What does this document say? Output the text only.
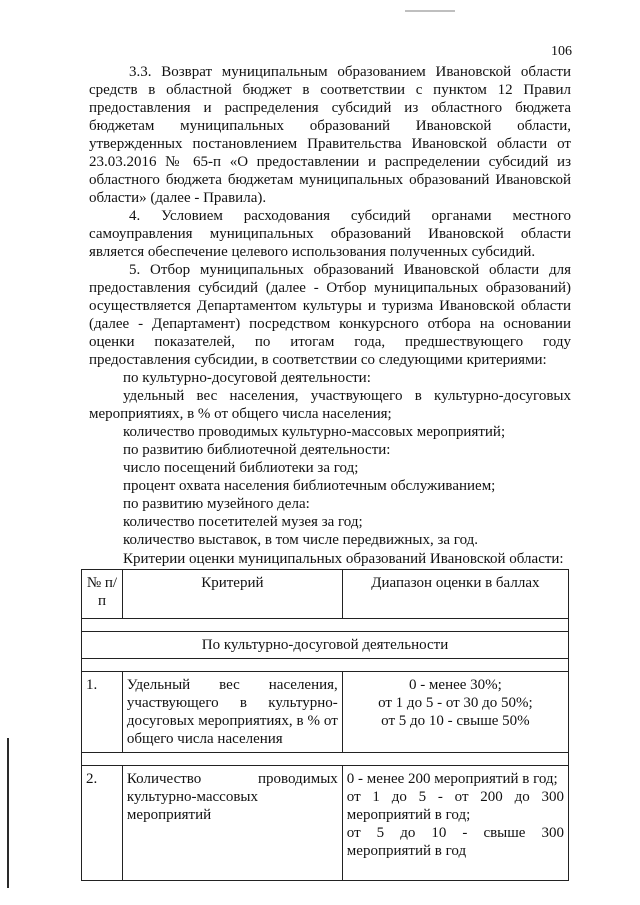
106
3.3. Возврат муниципальным образованием Ивановской области
средств в областной бюджет в соответствии с пунктом 12 Правил
предоставления и распределения субсидий из областного бюджета
бюджетам муниципальных образований Ивановской области,
утвержденных постановлением Правительства Ивановской области от
23.03.2016 № 65-п «О предоставлении и распределении субсидий из
областного бюджета бюджетам муниципальных образований Ивановской
области» (далее - Правила).
4. Условием расходования субсидий органами местного
самоуправления муниципальных образований Ивановской области
является обеспечение целевого использования полученных субсидий.
5. Отбор муниципальных образований Ивановской области для
предоставления субсидий (далее - Отбор муниципальных образований)
осуществляется Департаментом культуры и туризма Ивановской области
(далее - Департамент) посредством конкурсного отбора на основании
оценки показателей, по итогам года, предшествующего году
предоставления субсидии, в соответствии со следующими критериями:
по культурно-досуговой деятельности:
удельный вес населения, участвующего в культурно-досуговых
мероприятиях, в % от общего числа населения;
количество проводимых культурно-массовых мероприятий;
по развитию библиотечной деятельности:
число посещений библиотеки за год;
процент охвата населения библиотечным обслуживанием;
по развитию музейного дела:
количество посетителей музея за год;
количество выставок, в том числе передвижных, за год.
Критерии оценки муниципальных образований Ивановской области:
№ п/п	Критерий	Диапазон оценки в баллах

По культурно-досуговой деятельности		

1.	Удельный вес населения, участвующего в культурно-досуговых мероприятиях, в % от общего числа населения	0 - менее 30%;
от 1 до 5 - от 30 до 50%;
от 5 до 10 - свыше 50%

2.	Количество проводимых культурно-массовых мероприятий	0 - менее 200 мероприятий в год;
от 1 до 5 - от 200 до 300 мероприятий в год;
от 5 до 10 - свыше 300 мероприятий в год
